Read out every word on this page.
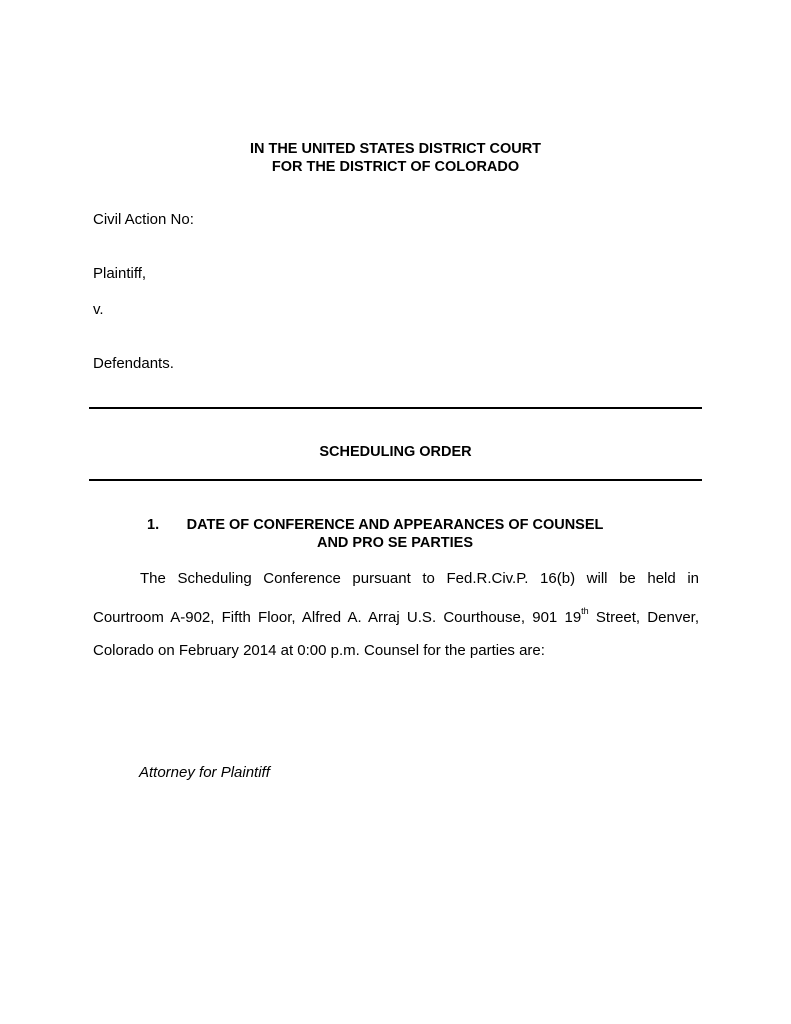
IN THE UNITED STATES DISTRICT COURT
FOR THE DISTRICT OF COLORADO
Civil Action No:
Plaintiff,
v.
Defendants.
SCHEDULING ORDER
1.	DATE OF CONFERENCE AND APPEARANCES OF COUNSEL
AND PRO SE PARTIES
The Scheduling Conference pursuant to Fed.R.Civ.P. 16(b) will be held in
Courtroom A-902, Fifth Floor, Alfred A. Arraj U.S. Courthouse, 901 19th Street, Denver,
Colorado on February 2014 at 0:00 p.m. Counsel for the parties are:
Attorney for Plaintiff
